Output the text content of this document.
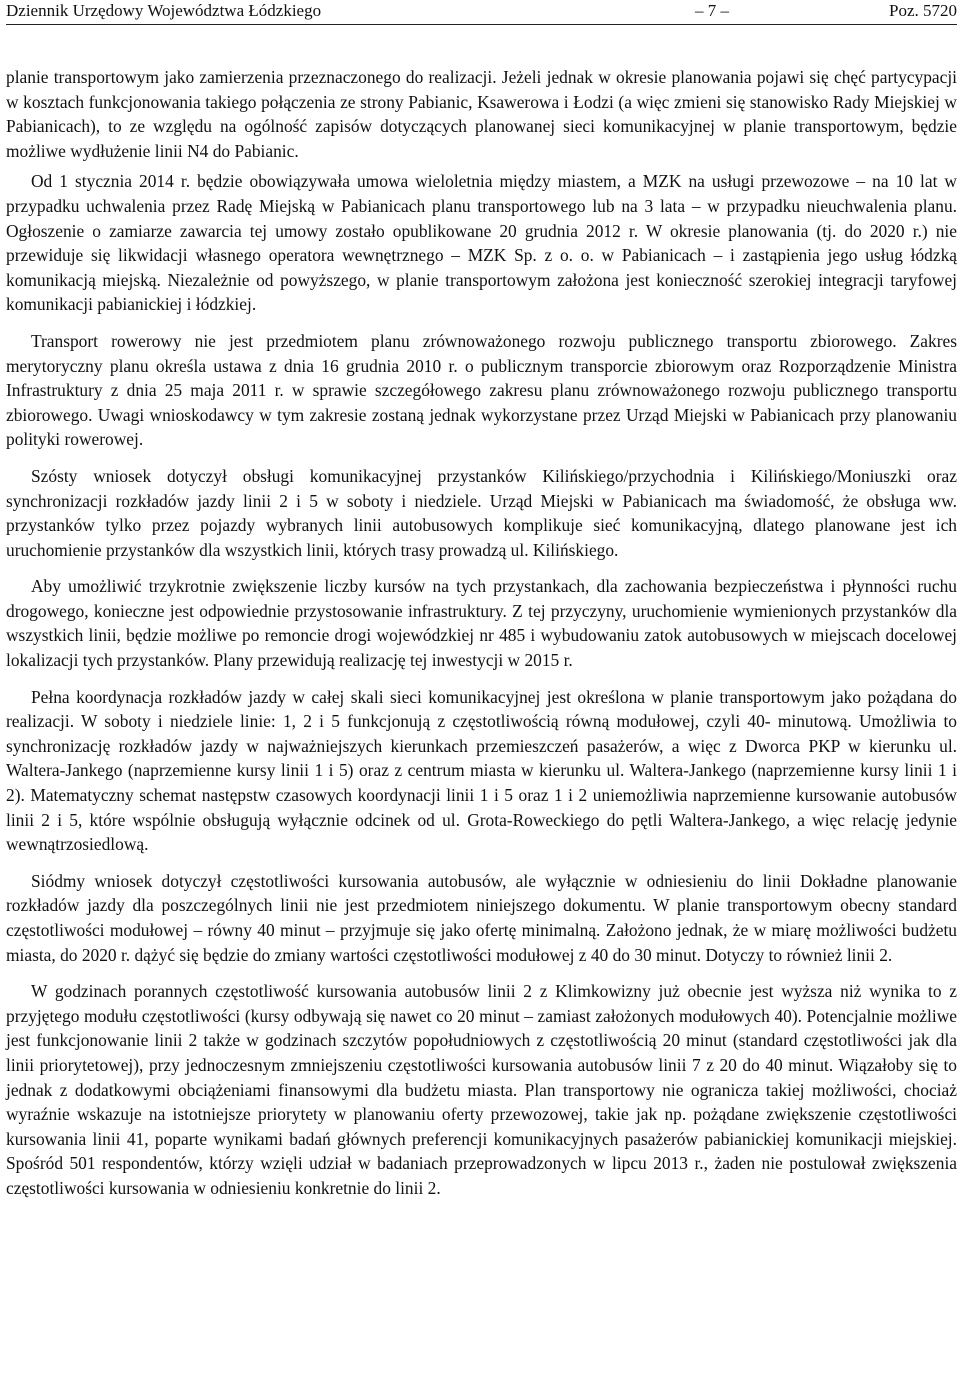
Dziennik Urzędowy Województwa Łódzkiego	– 7 –	Poz. 5720

planie transportowym jako zamierzenia przeznaczonego do realizacji. Jeżeli jednak w okresie planowania pojawi się chęć partycypacji w kosztach funkcjonowania takiego połączenia ze strony Pabianic, Ksawerowa i Łodzi (a więc zmieni się stanowisko Rady Miejskiej w Pabianicach), to ze względu na ogólność zapisów dotyczących planowanej sieci komunikacyjnej w planie transportowym, będzie możliwe wydłużenie linii N4 do Pabianic.

Od 1 stycznia 2014 r. będzie obowiązywała umowa wieloletnia między miastem, a MZK na usługi przewozowe – na 10 lat w przypadku uchwalenia przez Radę Miejską w Pabianicach planu transportowego lub na 3 lata – w przypadku nieuchwalenia planu. Ogłoszenie o zamiarze zawarcia tej umowy zostało opublikowane 20 grudnia 2012 r. W okresie planowania (tj. do 2020 r.) nie przewiduje się likwidacji własnego operatora wewnętrznego – MZK Sp. z o. o. w Pabianicach – i zastąpienia jego usług łódzką komunikacją miejską. Niezależnie od powyższego, w planie transportowym założona jest konieczność szerokiej integracji taryfowej komunikacji pabianickiej i łódzkiej.

Transport rowerowy nie jest przedmiotem planu zrównoważonego rozwoju publicznego transportu zbiorowego. Zakres merytoryczny planu określa ustawa z dnia 16 grudnia 2010 r. o publicznym transporcie zbiorowym oraz Rozporządzenie Ministra Infrastruktury z dnia 25 maja 2011 r. w sprawie szczegółowego zakresu planu zrównoważonego rozwoju publicznego transportu zbiorowego. Uwagi wnioskodawcy w tym zakresie zostaną jednak wykorzystane przez Urząd Miejski w Pabianicach przy planowaniu polityki rowerowej.

Szósty wniosek dotyczył obsługi komunikacyjnej przystanków Kilińskiego/przychodnia i Kilińskiego/Moniuszki oraz synchronizacji rozkładów jazdy linii 2 i 5 w soboty i niedziele. Urząd Miejski w Pabianicach ma świadomość, że obsługa ww. przystanków tylko przez pojazdy wybranych linii autobusowych komplikuje sieć komunikacyjną, dlatego planowane jest ich uruchomienie przystanków dla wszystkich linii, których trasy prowadzą ul. Kilińskiego.

Aby umożliwić trzykrotnie zwiększenie liczby kursów na tych przystankach, dla zachowania bezpieczeństwa i płynności ruchu drogowego, konieczne jest odpowiednie przystosowanie infrastruktury. Z tej przyczyny, uruchomienie wymienionych przystanków dla wszystkich linii, będzie możliwe po remoncie drogi wojewódzkiej nr 485 i wybudowaniu zatok autobusowych w miejscach docelowej lokalizacji tych przystanków. Plany przewidują realizację tej inwestycji w 2015 r.

Pełna koordynacja rozkładów jazdy w całej skali sieci komunikacyjnej jest określona w planie transportowym jako pożądana do realizacji. W soboty i niedziele linie: 1, 2 i 5 funkcjonują z częstotliwością równą modułowej, czyli 40- minutową. Umożliwia to synchronizację rozkładów jazdy w najważniejszych kierunkach przemieszczeń pasażerów, a więc z Dworca PKP w kierunku ul. Waltera-Jankego (naprzemienne kursy linii 1 i 5) oraz z centrum miasta w kierunku ul. Waltera-Jankego (naprzemienne kursy linii 1 i 2). Matematyczny schemat następstw czasowych koordynacji linii 1 i 5 oraz 1 i 2 uniemożliwia naprzemienne kursowanie autobusów linii 2 i 5, które wspólnie obsługują wyłącznie odcinek od ul. Grota-Roweckiego do pętli Waltera-Jankego, a więc relację jedynie wewnątrzosiedlową.

Siódmy wniosek dotyczył częstotliwości kursowania autobusów, ale wyłącznie w odniesieniu do linii Dokładne planowanie rozkładów jazdy dla poszczególnych linii nie jest przedmiotem niniejszego dokumentu. W planie transportowym obecny standard częstotliwości modułowej – równy 40 minut – przyjmuje się jako ofertę minimalną. Założono jednak, że w miarę możliwości budżetu miasta, do 2020 r. dążyć się będzie do zmiany wartości częstotliwości modułowej z 40 do 30 minut. Dotyczy to również linii 2.

W godzinach porannych częstotliwość kursowania autobusów linii 2 z Klimkowizny już obecnie jest wyższa niż wynika to z przyjętego modułu częstotliwości (kursy odbywają się nawet co 20 minut – zamiast założonych modułowych 40). Potencjalnie możliwe jest funkcjonowanie linii 2 także w godzinach szczytów popołudniowych z częstotliwością 20 minut (standard częstotliwości jak dla linii priorytetowej), przy jednoczesnym zmniejszeniu częstotliwości kursowania autobusów linii 7 z 20 do 40 minut. Wiązałoby się to jednak z dodatkowymi obciążeniami finansowymi dla budżetu miasta. Plan transportowy nie ogranicza takiej możliwości, chociaż wyraźnie wskazuje na istotniejsze priorytety w planowaniu oferty przewozowej, takie jak np. pożądane zwiększenie częstotliwości kursowania linii 41, poparte wynikami badań głównych preferencji komunikacyjnych pasażerów pabianickiej komunikacji miejskiej. Spośród 501 respondentów, którzy wzięli udział w badaniach przeprowadzonych w lipcu 2013 r., żaden nie postulował zwiększenia częstotliwości kursowania w odniesieniu konkretnie do linii 2.
